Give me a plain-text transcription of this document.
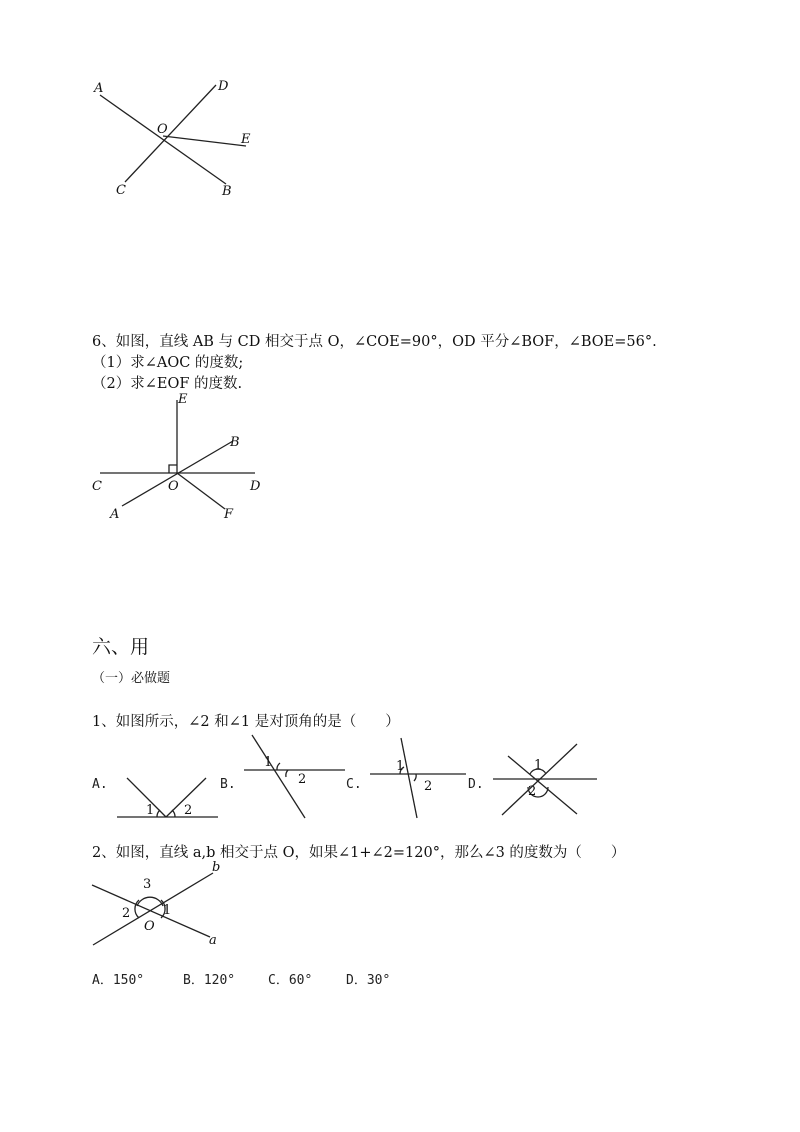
A	D
O
E
C	B
6、如图，直线 AB 与 CD 相交于点 O，∠COE=90°，OD 平分∠BOF，∠BOE=56°.
（1）求∠AOC 的度数;
（2）求∠EOF 的度数.
E
B
C	O	D
A	F
六、用
（一）必做题
1、如图所示，∠2 和∠1 是对顶角的是（　　）
A.	B.	C.	D.
1 2
1
2
1
2
1
2
2、如图，直线 a,b 相交于点 O，如果∠1+∠2=120°，那么∠3 的度数为（　　）
3
2	1
O
b
a
A．150°	B．120°	C．60°	D．30°
